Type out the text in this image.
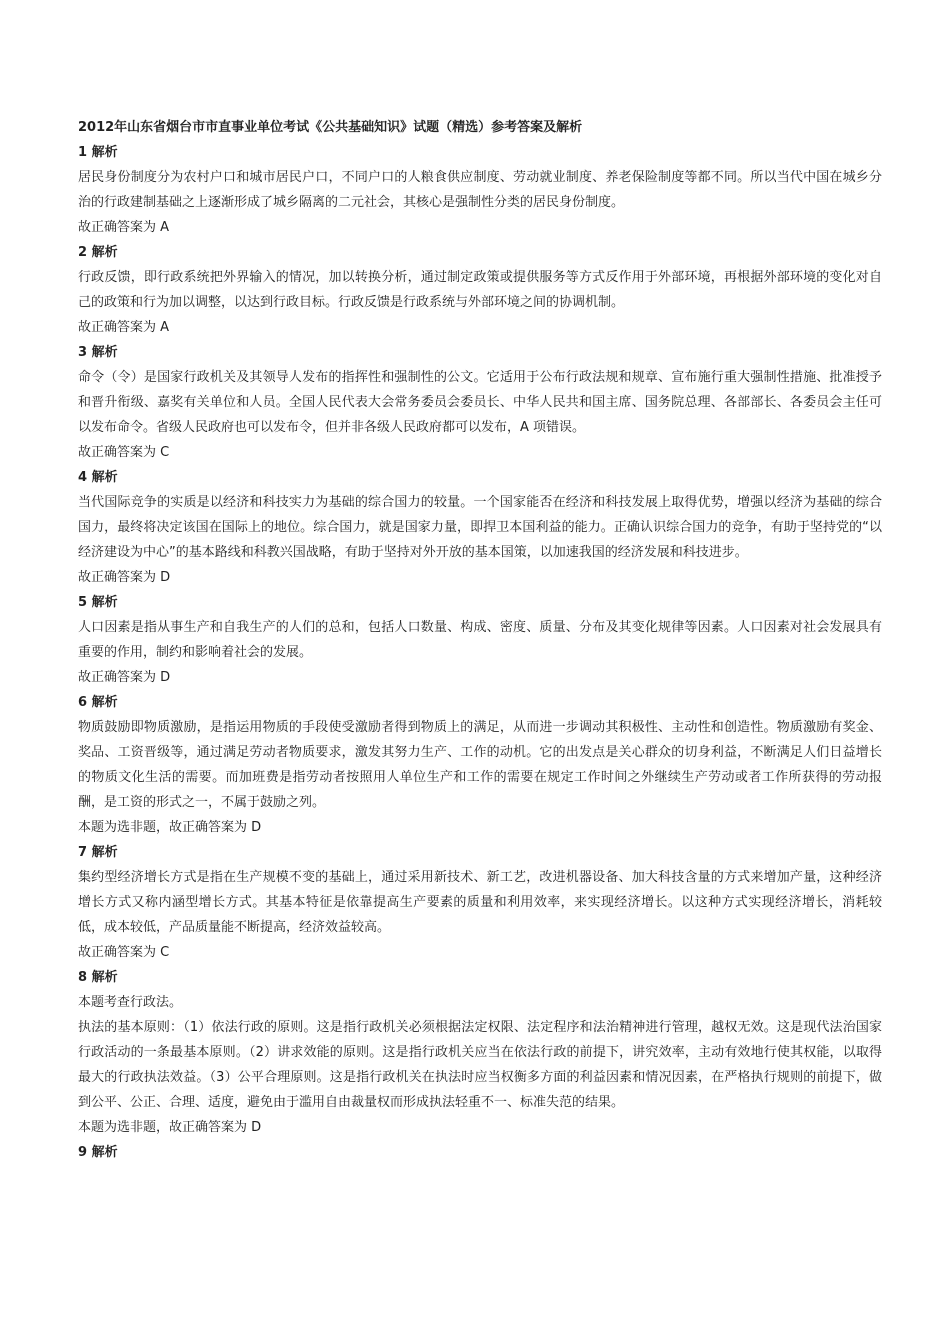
2012年山东省烟台市市直事业单位考试《公共基础知识》试题（精选）参考答案及解析

1 解析

居民身份制度分为农村户口和城市居民户口，不同户口的人粮食供应制度、劳动就业制度、养老保险制度等都不同。所以当代中国在城乡分治的行政建制基础之上逐渐形成了城乡隔离的二元社会，其核心是强制性分类的居民身份制度。

故正确答案为 A

2 解析

行政反馈，即行政系统把外界输入的情况，加以转换分析，通过制定政策或提供服务等方式反作用于外部环境，再根据外部环境的变化对自己的政策和行为加以调整，以达到行政目标。行政反馈是行政系统与外部环境之间的协调机制。

故正确答案为 A

3 解析

命令（令）是国家行政机关及其领导人发布的指挥性和强制性的公文。它适用于公布行政法规和规章、宣布施行重大强制性措施、批准授予和晋升衔级、嘉奖有关单位和人员。全国人民代表大会常务委员会委员长、中华人民共和国主席、国务院总理、各部部长、各委员会主任可以发布命令。省级人民政府也可以发布令，但并非各级人民政府都可以发布，A 项错误。

故正确答案为 C

4 解析

当代国际竞争的实质是以经济和科技实力为基础的综合国力的较量。一个国家能否在经济和科技发展上取得优势，增强以经济为基础的综合国力，最终将决定该国在国际上的地位。综合国力，就是国家力量，即捍卫本国利益的能力。正确认识综合国力的竞争，有助于坚持党的“以经济建设为中心”的基本路线和科教兴国战略，有助于坚持对外开放的基本国策，以加速我国的经济发展和科技进步。

故正确答案为 D

5 解析

人口因素是指从事生产和自我生产的人们的总和，包括人口数量、构成、密度、质量、分布及其变化规律等因素。人口因素对社会发展具有重要的作用，制约和影响着社会的发展。

故正确答案为 D

6 解析

物质鼓励即物质激励，是指运用物质的手段使受激励者得到物质上的满足，从而进一步调动其积极性、主动性和创造性。物质激励有奖金、奖品、工资晋级等，通过满足劳动者物质要求，激发其努力生产、工作的动机。它的出发点是关心群众的切身利益，不断满足人们日益增长的物质文化生活的需要。而加班费是指劳动者按照用人单位生产和工作的需要在规定工作时间之外继续生产劳动或者工作所获得的劳动报酬，是工资的形式之一，不属于鼓励之列。

本题为选非题，故正确答案为 D

7 解析

集约型经济增长方式是指在生产规模不变的基础上，通过采用新技术、新工艺，改进机器设备、加大科技含量的方式来增加产量，这种经济增长方式又称内涵型增长方式。其基本特征是依靠提高生产要素的质量和利用效率，来实现经济增长。以这种方式实现经济增长，消耗较低，成本较低，产品质量能不断提高，经济效益较高。

故正确答案为 C

8 解析

本题考查行政法。

执法的基本原则：（1）依法行政的原则。这是指行政机关必须根据法定权限、法定程序和法治精神进行管理，越权无效。这是现代法治国家行政活动的一条最基本原则。（2）讲求效能的原则。这是指行政机关应当在依法行政的前提下，讲究效率，主动有效地行使其权能，以取得最大的行政执法效益。（3）公平合理原则。这是指行政机关在执法时应当权衡多方面的利益因素和情况因素，在严格执行规则的前提下，做到公平、公正、合理、适度，避免由于滥用自由裁量权而形成执法轻重不一、标准失范的结果。

本题为选非题，故正确答案为 D

9 解析
